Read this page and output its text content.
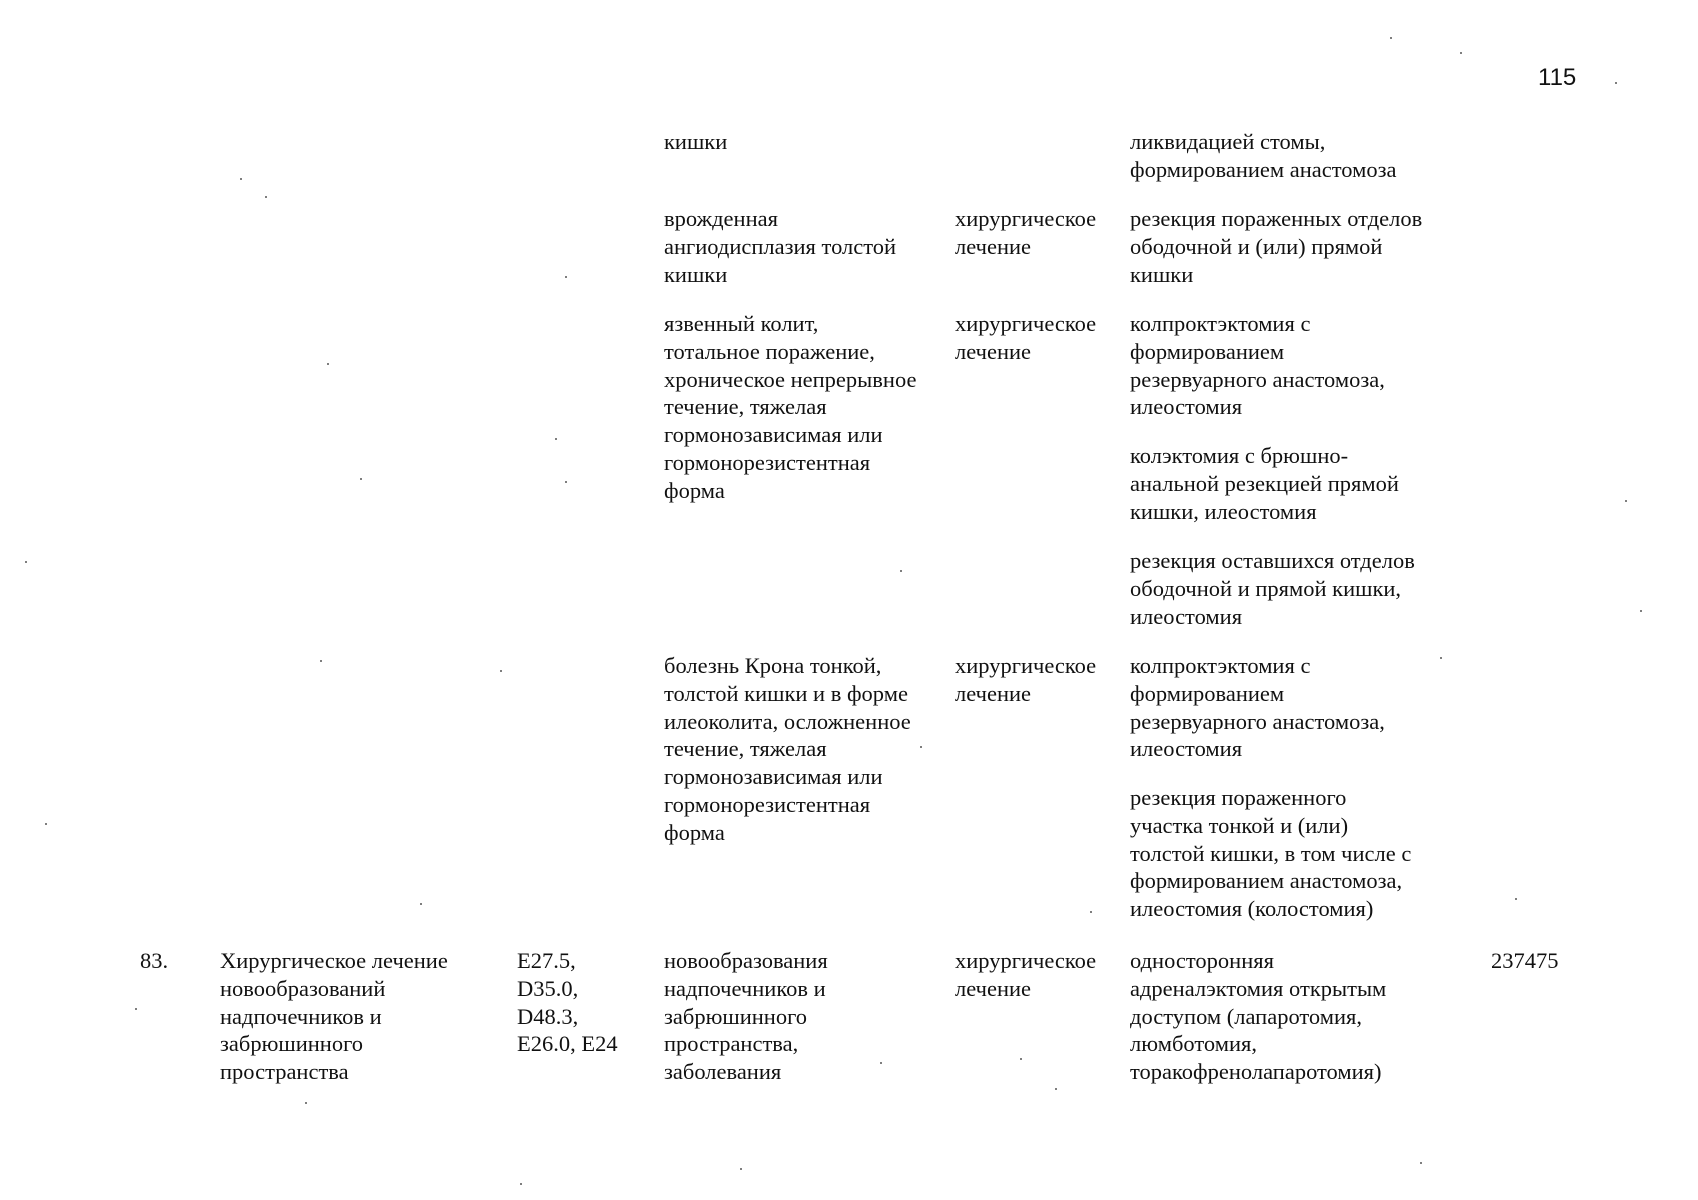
115
кишки	ликвидацией стомы,
формированием анастомоза
врожденная
ангиодисплазия толстой
кишки
хирургическое
лечение
резекция пораженных отделов
ободочной и (или) прямой
кишки
язвенный колит,
тотальное поражение,
хроническое непрерывное
течение, тяжелая
гормонозависимая или
гормонорезистентная
форма
хирургическое
лечение
колпроктэктомия с
формированием
резервуарного анастомоза,
илеостомия
колэктомия с брюшно-
анальной резекцией прямой
кишки, илеостомия
резекция оставшихся отделов
ободочной и прямой кишки,
илеостомия
болезнь Крона тонкой,
толстой кишки и в форме
илеоколита, осложненное
течение, тяжелая
гормонозависимая или
гормонорезистентная
форма
хирургическое
лечение
колпроктэктомия с
формированием
резервуарного анастомоза,
илеостомия
резекция пораженного
участка тонкой и (или)
толстой кишки, в том числе с
формированием анастомоза,
илеостомия (колостомия)
83.	Хирургическое лечение
новообразований
надпочечников и
забрюшинного
пространства
E27.5,
D35.0,
D48.3,
E26.0, E24
новообразования
надпочечников и
забрюшинного
пространства,
заболевания
хирургическое
лечение
односторонняя
адреналэктомия открытым
доступом (лапаротомия,
люмботомия,
торакофренолапаротомия)
237475
